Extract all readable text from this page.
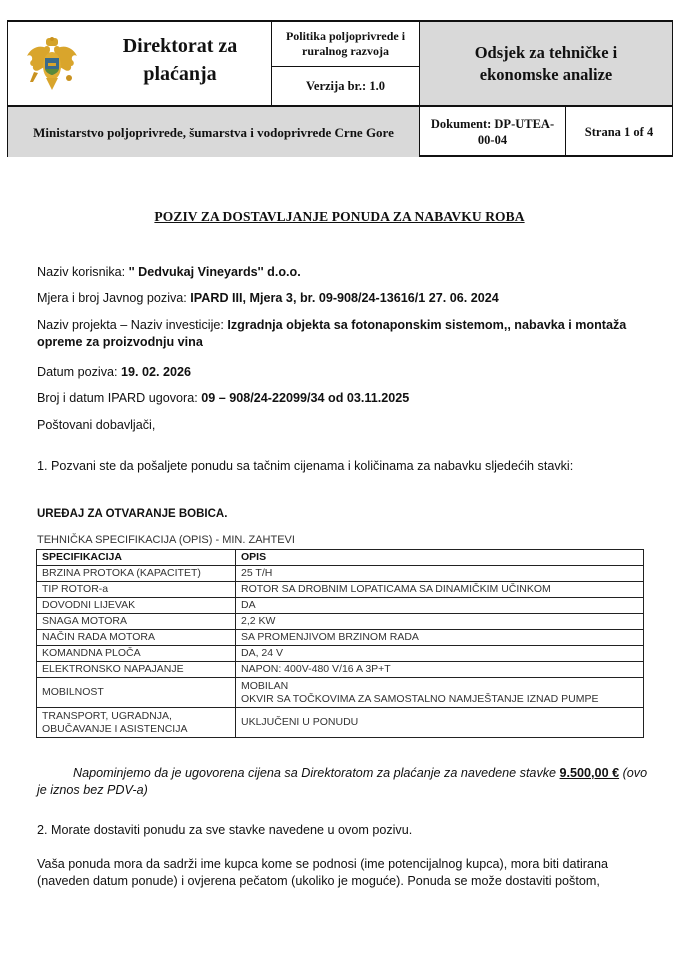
Direktorat za
plaćanja
Politika poljoprivrede i ruralnog razvoja
Verzija br.: 1.0
Odsjek za tehničke i ekonomske analize
Ministarstvo poljoprivrede, šumarstva i vodoprivrede Crne Gore
Dokument: DP-UTEA-00-04
Strana 1 of 4
POZIV ZA DOSTAVLJANJE PONUDA ZA NABAVKU ROBA
Naziv korisnika: '' Dedvukaj Vineyards'' d.o.o.
Mjera i broj Javnog poziva: IPARD III, Mjera 3, br. 09-908/24-13616/1 27. 06. 2024
Naziv projekta – Naziv investicije: Izgradnja objekta sa fotonaponskim sistemom,, nabavka i montaža opreme za proizvodnju vina
Datum poziva: 19. 02. 2026
Broj i datum IPARD ugovora: 09 – 908/24-22099/34 od 03.11.2025
Poštovani dobavljači,
1. Pozvani ste da pošaljete ponudu sa tačnim cijenama i količinama za nabavku sljedećih stavki:
UREĐAJ ZA OTVARANJE BOBICA.
TEHNIČKA SPECIFIKACIJA (OPIS) - MIN. ZAHTEVI
SPECIFIKACIJA	OPIS
BRZINA PROTOKA (KAPACITET)	25 T/H
TIP ROTOR-a	ROTOR SA DROBNIM LOPATICAMA SA DINAMIČKIM UČINKOM
DOVODNI LIJEVAK	DA
SNAGA MOTORA	2,2 KW
NAČIN RADA MOTORA	SA PROMENJIVOM BRZINOM RADA
KOMANDNA PLOČA	DA, 24 V
ELEKTRONSKO NAPAJANJE	NAPON: 400V-480 V/16 A 3P+T
MOBILNOST	MOBILAN
OKVIR SA TOČKOVIMA ZA SAMOSTALNO NAMJEŠTANJE IZNAD PUMPE

TRANSPORT, UGRADNJA,
OBUČAVANJE I ASISTENCIJA	UKLJUČENI U PONUDU
Napominjemo da je ugovorena cijena sa Direktoratom za plaćanje za navedene stavke 9.500,00 € (ovo je iznos bez PDV-a)
2. Morate dostaviti ponudu za sve stavke navedene u ovom pozivu.
Vaša ponuda mora da sadrži ime kupca kome se podnosi (ime potencijalnog kupca), mora biti datirana (naveden datum ponude) i ovjerena pečatom (ukoliko je moguće). Ponuda se može dostaviti poštom,
